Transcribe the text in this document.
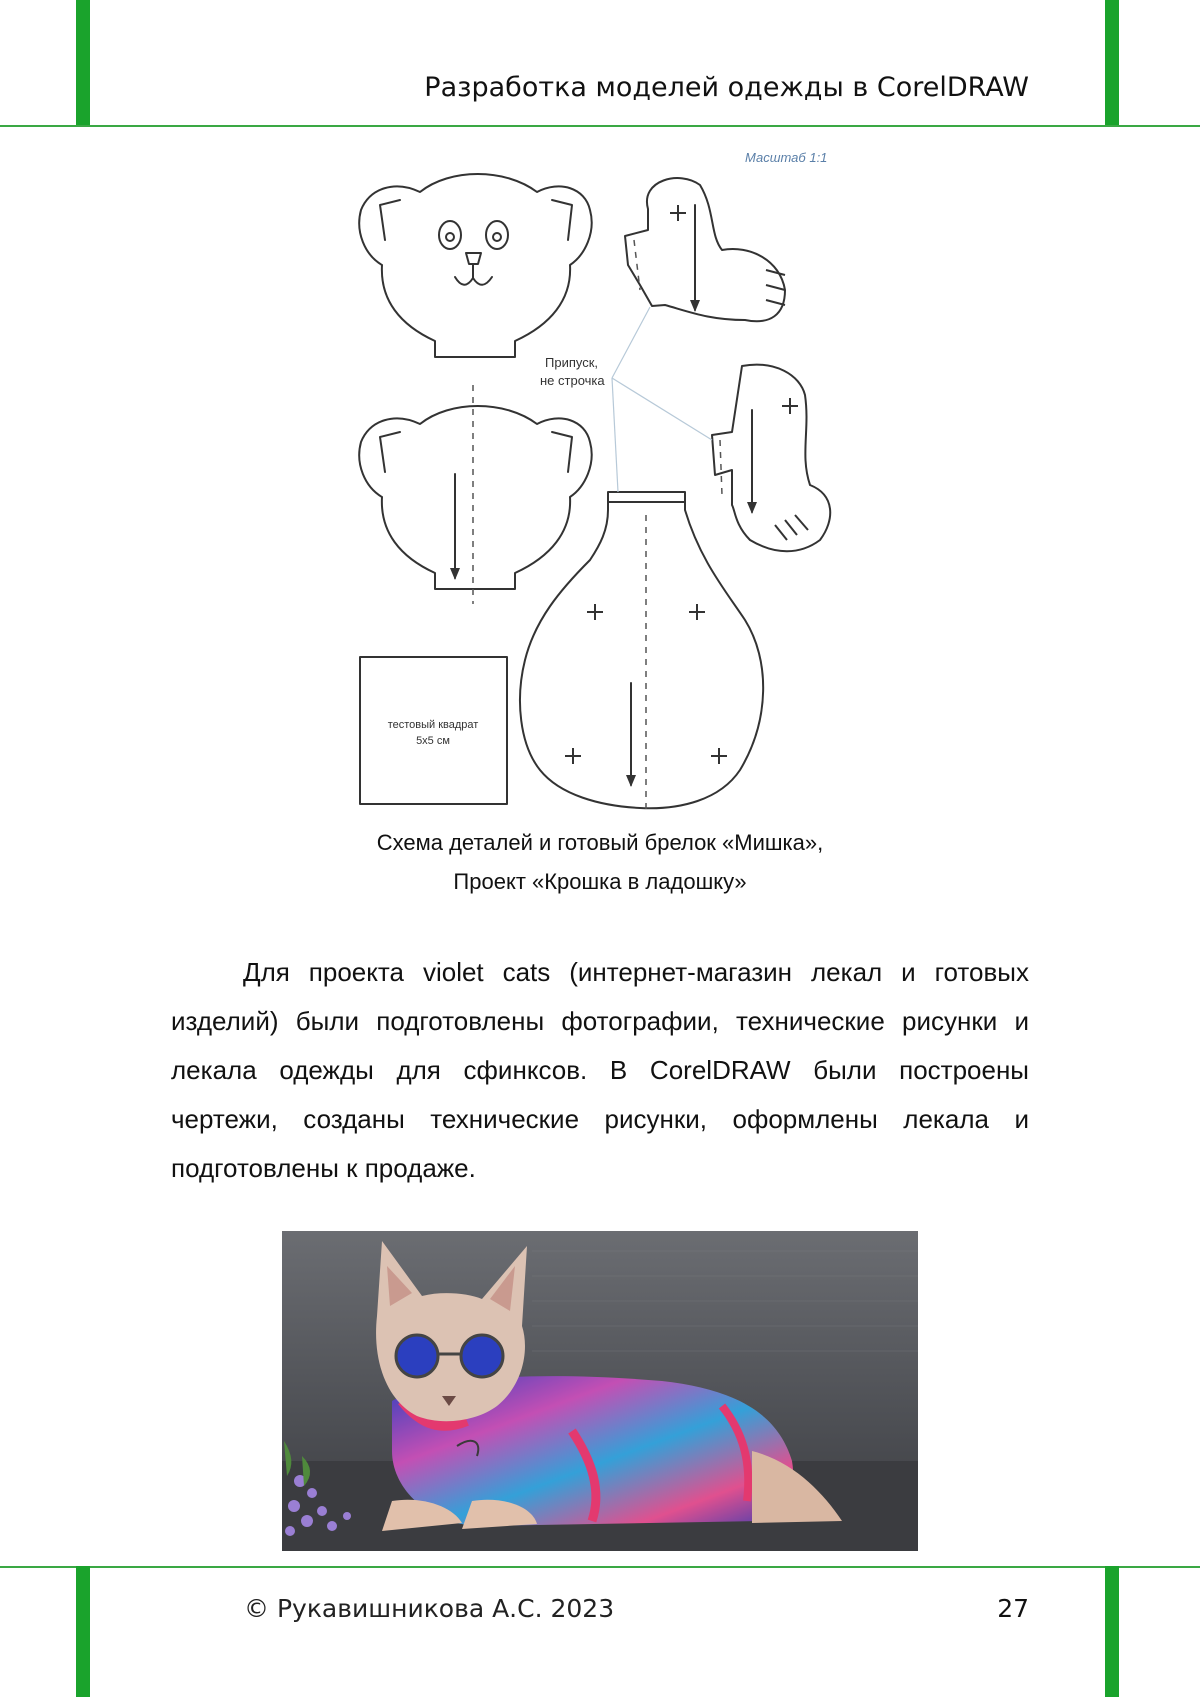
Разработка моделей одежды в CorelDRAW
Масштаб 1:1
Припуск,
не строчка
тестовый квадрат
5х5 см
Схема деталей и готовый брелок «Мишка»,
Проект «Крошка в ладошку»

Для проекта violet cats (интернет-магазин лекал и готовых изделий) были подготовлены фотографии, технические рисунки и лекала одежды для сфинксов. В CorelDRAW были построены чертежи, созданы технические рисунки, оформлены лекала и подготовлены к продаже.

© Рукавишникова А.С. 2023	27
